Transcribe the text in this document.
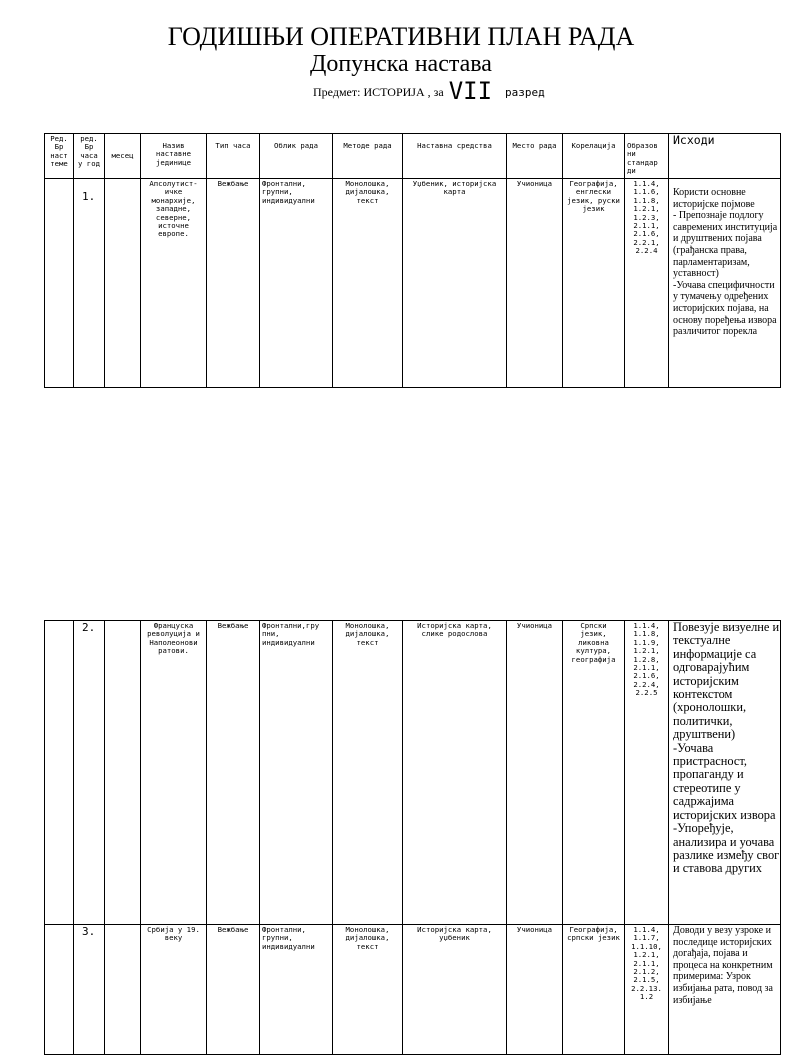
ГОДИШЊИ ОПЕРАТИВНИ ПЛАН РАДА
Допунска настава
Предмет: ИСТОРИЈА , за VII разред
Ред. Бр наст теме	ред. Бр часа у год	месец	Назив наставне јединице	Тип часа	Облик рада	Методе рада	Наставна средства	Место рада	Корелација	Образов ни стандар ди	Исходи
	1.		Апсолутист-ичке монархије, западне, северне, источне европе.	Вежбање	Фронтални, групни, индивидуални	Монолошка, дијалошка, текст	Уџбеник, историјска карта	Учионица	Географија, енглески језик, руски језик	1.1.4, 1.1.6, 1.1.8, 1.2.1, 1.2.3, 2.1.1, 2.1.6, 2.2.1, 2.2.4	Користи основне историјске појмове
- Препознаје подлогу савремених институција и друштвених појава (грађанска права, парламентаризам, уставност)
-Уочава специфичности у тумачењу одређених историјских појава, на основу поређења извора различитог порекла
	2.		Француска револуција и Наполеонови ратови.	Вежбање	Фронтални,гру пни, индивидуални	Монолошка, дијалошка, текст	Историјска карта, слике родослова	Учионица	Српски језик, ликовна култура, географија	1.1.4, 1.1.8, 1.1.9, 1.2.1, 1.2.8, 2.1.1, 2.1.6, 2.2.4, 2.2.5	Повезује визуелне и текстуалне информације са одговарајућим историјским контекстом (хронолошки, политички, друштвени)
-Уочава пристрасност, пропаганду и стереотипе у садржајима историјских извора
-Упоређује, анализира и уочава разлике између свог и ставова других

	3.		Србија у 19. веку	Вежбање	Фронтални, групни, индивидуални	Монолошка, дијалошка, текст	Историјска карта, уџбеник	Учионица	Географија, српски језик	1.1.4, 1.1.7, 1.1.10, 1.2.1, 2.1.1, 2.1.2, 2.1.5, 2.2.13. 1.2	Доводи у везу узроке и последице историјских догађаја, појава и процеса на конкретним примерима: Узрок избијања рата, повод за избијање
